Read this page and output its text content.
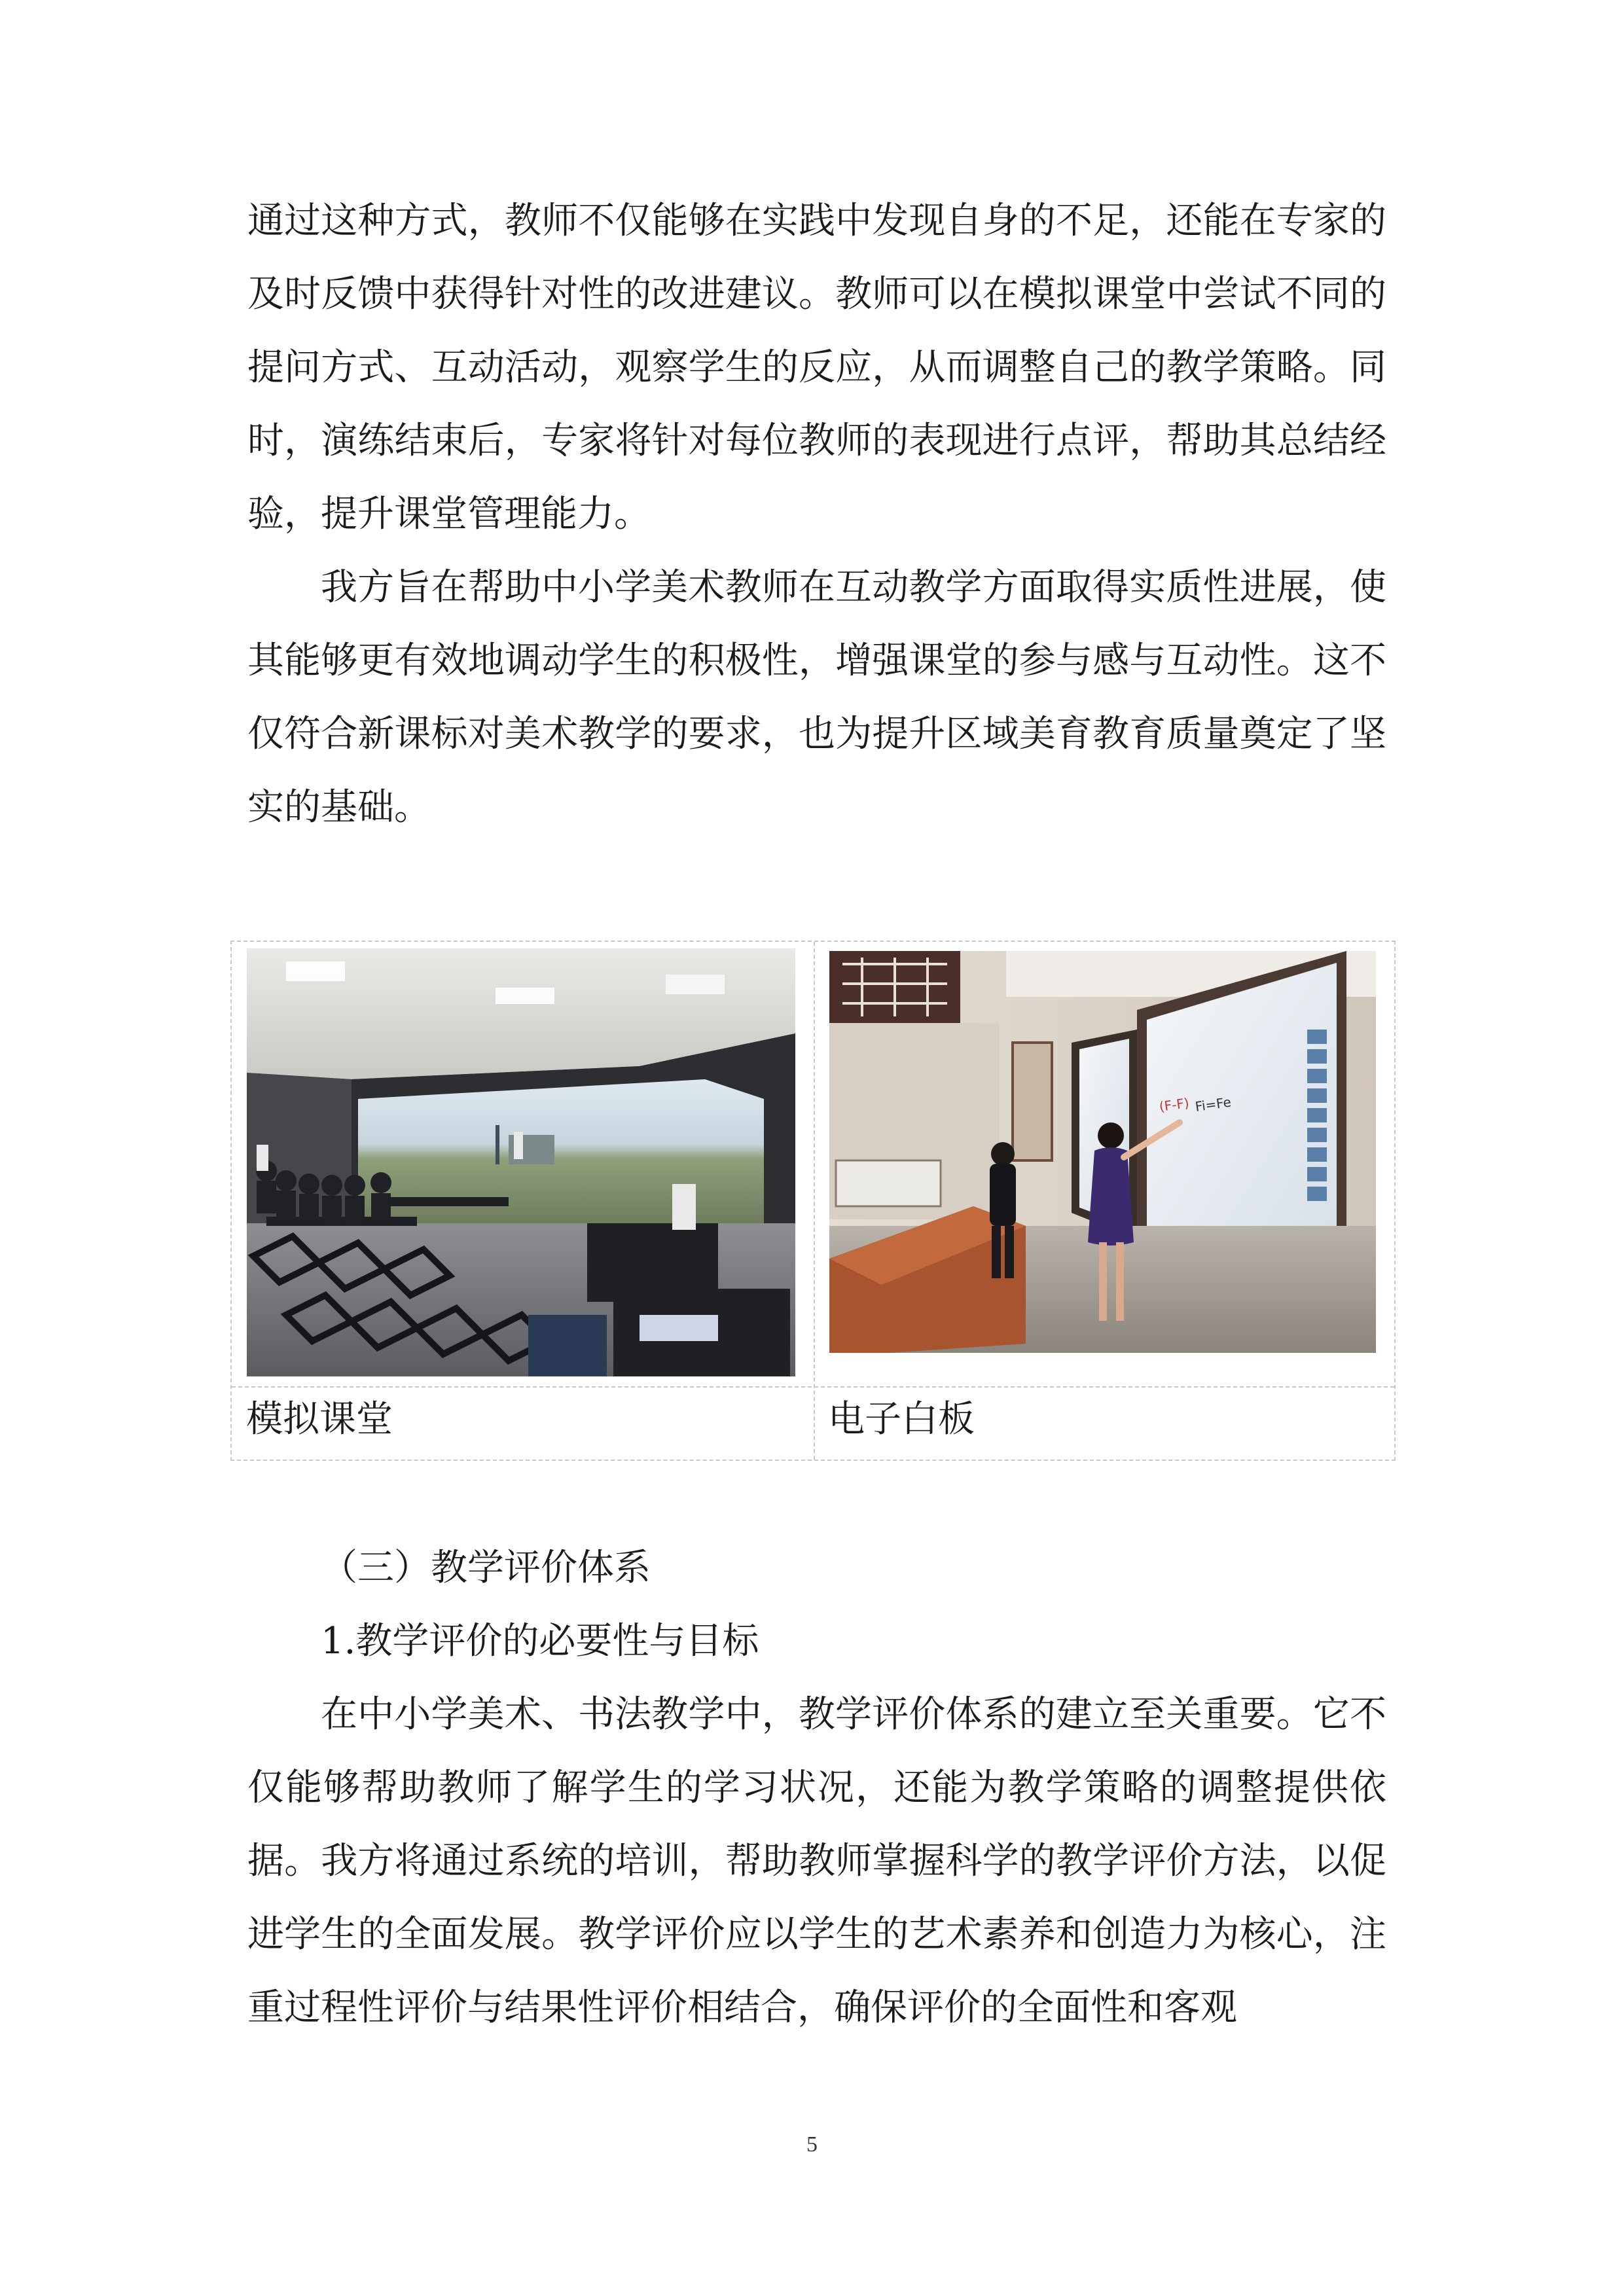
通过这种方式，教师不仅能够在实践中发现自身的不足，还能在专家的及时反馈中获得针对性的改进建议。教师可以在模拟课堂中尝试不同的提问方式、互动活动，观察学生的反应，从而调整自己的教学策略。同时，演练结束后，专家将针对每位教师的表现进行点评，帮助其总结经验，提升课堂管理能力。

我方旨在帮助中小学美术教师在互动教学方面取得实质性进展，使其能够更有效地调动学生的积极性，增强课堂的参与感与互动性。这不仅符合新课标对美术教学的要求，也为提升区域美育教育质量奠定了坚实的基础。

(F-F) Fi=Fe
模拟课堂	电子白板

（三）教学评价体系

1.教学评价的必要性与目标

在中小学美术、书法教学中，教学评价体系的建立至关重要。它不仅能够帮助教师了解学生的学习状况，还能为教学策略的调整提供依据。我方将通过系统的培训，帮助教师掌握科学的教学评价方法，以促进学生的全面发展。教学评价应以学生的艺术素养和创造力为核心，注重过程性评价与结果性评价相结合，确保评价的全面性和客观

5
